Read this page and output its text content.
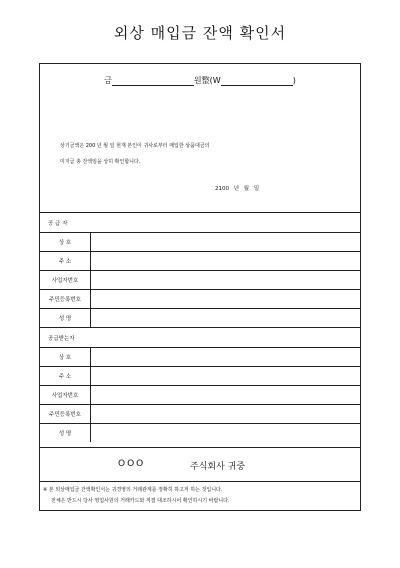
외상 매입금 잔액 확인서
금	원整(W	)
상기금액은 200 년 월 일 현재 본인이 귀사로부터 매입한 상품대금의
미지급 총 잔액임을 상히 확인합니다.
2100 년 월 일
공 급 자
상 호
주 소
사업자번호
주민등록번호
성 명
공급받는자
상 호
주 소
사업자번호
주민등록번호
성 명
OOO	주식회사 귀중
※ 본 외상매입금 잔액확인서는 귀경영의 거래관계를 정확히 하고저 하는 것입니다.
전체은 반드시 당사 영업사원의 거래카드와 직접 대조하시어 확인하시기 바랍니다.
